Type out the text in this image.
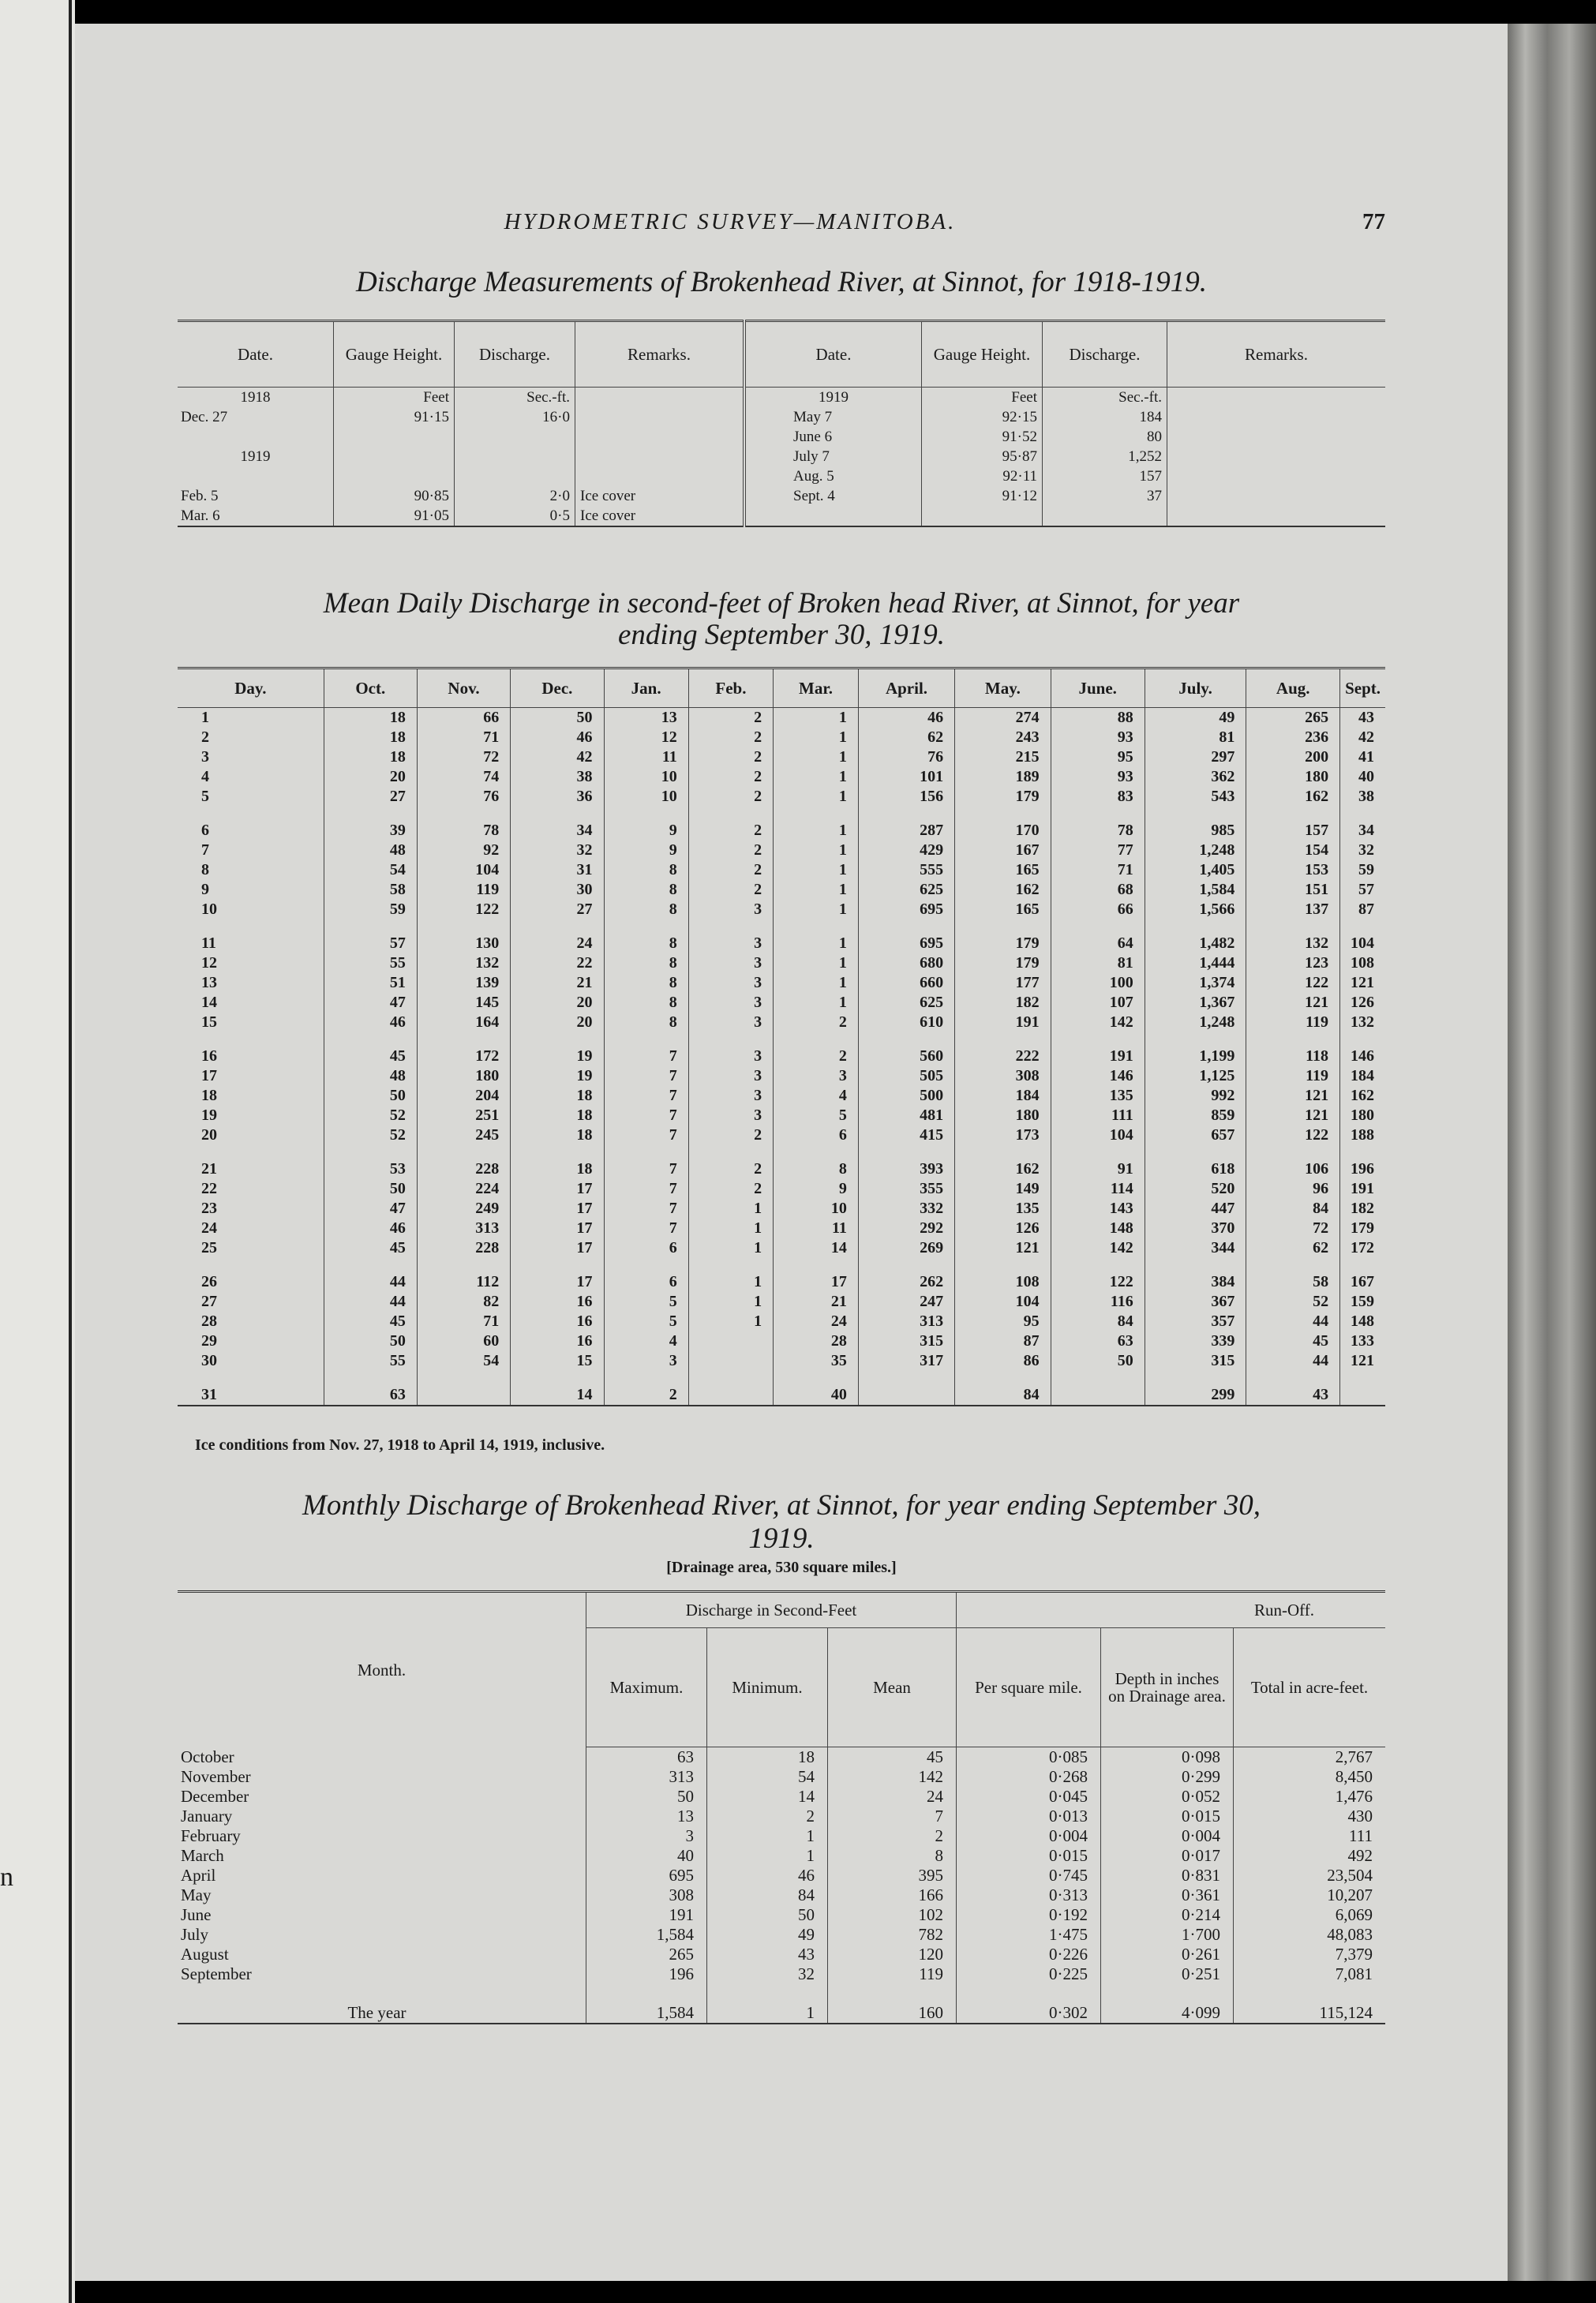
n
HYDROMETRIC SURVEY—MANITOBA.	77
Discharge Measurements of Brokenhead River, at Sinnot, for 1918-1919.
Date.	Gauge Height.	Discharge.	Remarks.	Date.	Gauge Height.	Discharge.	Remarks.
1918	Feet	Sec.-ft.		1919	Feet	Sec.-ft.	
Dec. 27	91·15	16·0		May 7	92·15	184	
				June 6	91·52	80	
1919				July 7	95·87	1,252	
				Aug. 5	92·11	157	
Feb. 5	90·85	2·0	Ice cover	Sept. 4	91·12	37	
Mar. 6	91·05	0·5	Ice cover				
Mean Daily Discharge in second-feet of Broken head River, at Sinnot, for year
ending September 30, 1919.
Day.	Oct.	Nov.	Dec.	Jan.	Feb.	Mar.	April.	May.	June.	July.	Aug.	Sept.
1	18	66	50	13	2	1	46	274	88	49	265	43
2	18	71	46	12	2	1	62	243	93	81	236	42
3	18	72	42	11	2	1	76	215	95	297	200	41
4	20	74	38	10	2	1	101	189	93	362	180	40
5	27	76	36	10	2	1	156	179	83	543	162	38
6	39	78	34	9	2	1	287	170	78	985	157	34
7	48	92	32	9	2	1	429	167	77	1,248	154	32
8	54	104	31	8	2	1	555	165	71	1,405	153	59
9	58	119	30	8	2	1	625	162	68	1,584	151	57
10	59	122	27	8	3	1	695	165	66	1,566	137	87
11	57	130	24	8	3	1	695	179	64	1,482	132	104
12	55	132	22	8	3	1	680	179	81	1,444	123	108
13	51	139	21	8	3	1	660	177	100	1,374	122	121
14	47	145	20	8	3	1	625	182	107	1,367	121	126
15	46	164	20	8	3	2	610	191	142	1,248	119	132
16	45	172	19	7	3	2	560	222	191	1,199	118	146
17	48	180	19	7	3	3	505	308	146	1,125	119	184
18	50	204	18	7	3	4	500	184	135	992	121	162
19	52	251	18	7	3	5	481	180	111	859	121	180
20	52	245	18	7	2	6	415	173	104	657	122	188
21	53	228	18	7	2	8	393	162	91	618	106	196
22	50	224	17	7	2	9	355	149	114	520	96	191
23	47	249	17	7	1	10	332	135	143	447	84	182
24	46	313	17	7	1	11	292	126	148	370	72	179
25	45	228	17	6	1	14	269	121	142	344	62	172
26	44	112	17	6	1	17	262	108	122	384	58	167
27	44	82	16	5	1	21	247	104	116	367	52	159
28	45	71	16	5	1	24	313	95	84	357	44	148
29	50	60	16	4		28	315	87	63	339	45	133
30	55	54	15	3		35	317	86	50	315	44	121
31	63		14	2		40		84		299	43	
Ice conditions from Nov. 27, 1918 to April 14, 1919, inclusive.
Monthly Discharge of Brokenhead River, at Sinnot, for year ending September 30,
1919.
[Drainage area, 530 square miles.]
Month.	Discharge in Second-Feet			Run-Off.		
	Maximum.	Minimum.	Mean	Per square mile.	Depth in inches on Drainage area.	Total in acre-feet.
October	63	18	45	0·085	0·098	2,767
November	313	54	142	0·268	0·299	8,450
December	50	14	24	0·045	0·052	1,476
January	13	2	7	0·013	0·015	430
February	3	1	2	0·004	0·004	111
March	40	1	8	0·015	0·017	492
April	695	46	395	0·745	0·831	23,504
May	308	84	166	0·313	0·361	10,207
June	191	50	102	0·192	0·214	6,069
July	1,584	49	782	1·475	1·700	48,083
August	265	43	120	0·226	0·261	7,379
September	196	32	119	0·225	0·251	7,081
The year	1,584	1	160	0·302	4·099	115,124
